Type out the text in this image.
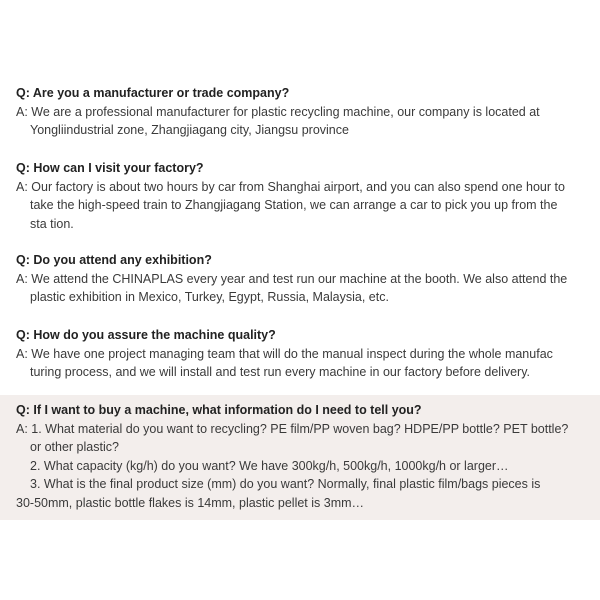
Q: Are you a manufacturer or trade company?
A: We are a professional manufacturer for plastic recycling machine, our company is located at
Yongliindustrial zone, Zhangjiagang city, Jiangsu province
Q: How can I visit your factory?
A: Our factory is about two hours by car from Shanghai airport, and you can also spend one hour to
take the high-speed train to Zhangjiagang Station, we can arrange a car to pick you up from the
sta tion.
Q: Do you attend any exhibition?
A: We attend the CHINAPLAS every year and test run our machine at the booth. We also attend the
plastic exhibition in Mexico, Turkey, Egypt, Russia, Malaysia, etc.
Q: How do you assure the machine quality?
A: We have one project managing team that will do the manual inspect during the whole manufac
turing process, and we will install and test run every machine in our factory before delivery.
Q: If I want to buy a machine, what information do I need to tell you?
A: 1. What material do you want to recycling? PE film/PP woven bag? HDPE/PP bottle? PET bottle?
or other plastic?
2. What capacity (kg/h) do you want? We have 300kg/h, 500kg/h, 1000kg/h or larger…
3. What is the final product size (mm) do you want? Normally, final plastic film/bags pieces is
30-50mm, plastic bottle flakes is 14mm, plastic pellet is 3mm…
